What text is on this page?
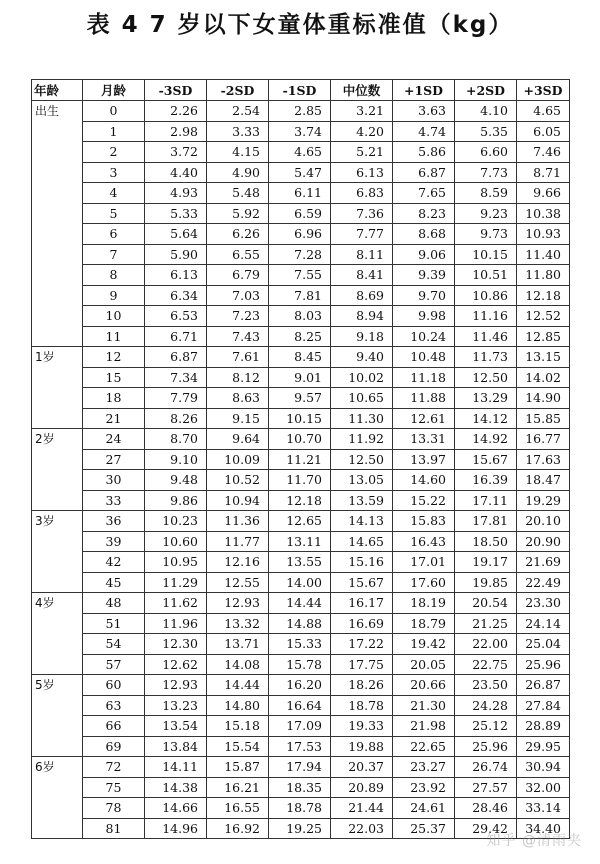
表 4 7 岁以下女童体重标准值（kg）
年龄	月龄	-3SD	-2SD	-1SD	中位数	+1SD	+2SD	+3SD
出生	0	2.26	2.54	2.85	3.21	3.63	4.10	4.65
	1	2.98	3.33	3.74	4.20	4.74	5.35	6.05
	2	3.72	4.15	4.65	5.21	5.86	6.60	7.46
	3	4.40	4.90	5.47	6.13	6.87	7.73	8.71
	4	4.93	5.48	6.11	6.83	7.65	8.59	9.66
	5	5.33	5.92	6.59	7.36	8.23	9.23	10.38
	6	5.64	6.26	6.96	7.77	8.68	9.73	10.93
	7	5.90	6.55	7.28	8.11	9.06	10.15	11.40
	8	6.13	6.79	7.55	8.41	9.39	10.51	11.80
	9	6.34	7.03	7.81	8.69	9.70	10.86	12.18
	10	6.53	7.23	8.03	8.94	9.98	11.16	12.52
	11	6.71	7.43	8.25	9.18	10.24	11.46	12.85
1岁	12	6.87	7.61	8.45	9.40	10.48	11.73	13.15
	15	7.34	8.12	9.01	10.02	11.18	12.50	14.02
	18	7.79	8.63	9.57	10.65	11.88	13.29	14.90
	21	8.26	9.15	10.15	11.30	12.61	14.12	15.85
2岁	24	8.70	9.64	10.70	11.92	13.31	14.92	16.77
	27	9.10	10.09	11.21	12.50	13.97	15.67	17.63
	30	9.48	10.52	11.70	13.05	14.60	16.39	18.47
	33	9.86	10.94	12.18	13.59	15.22	17.11	19.29
3岁	36	10.23	11.36	12.65	14.13	15.83	17.81	20.10
	39	10.60	11.77	13.11	14.65	16.43	18.50	20.90
	42	10.95	12.16	13.55	15.16	17.01	19.17	21.69
	45	11.29	12.55	14.00	15.67	17.60	19.85	22.49
4岁	48	11.62	12.93	14.44	16.17	18.19	20.54	23.30
	51	11.96	13.32	14.88	16.69	18.79	21.25	24.14
	54	12.30	13.71	15.33	17.22	19.42	22.00	25.04
	57	12.62	14.08	15.78	17.75	20.05	22.75	25.96
5岁	60	12.93	14.44	16.20	18.26	20.66	23.50	26.87
	63	13.23	14.80	16.64	18.78	21.30	24.28	27.84
	66	13.54	15.18	17.09	19.33	21.98	25.12	28.89
	69	13.84	15.54	17.53	19.88	22.65	25.96	29.95
6岁	72	14.11	15.87	17.94	20.37	23.27	26.74	30.94
	75	14.38	16.21	18.35	20.89	23.92	27.57	32.00
	78	14.66	16.55	18.78	21.44	24.61	28.46	33.14
	81	14.96	16.92	19.25	22.03	25.37	29.42	34.40
知乎 @清雨夹
